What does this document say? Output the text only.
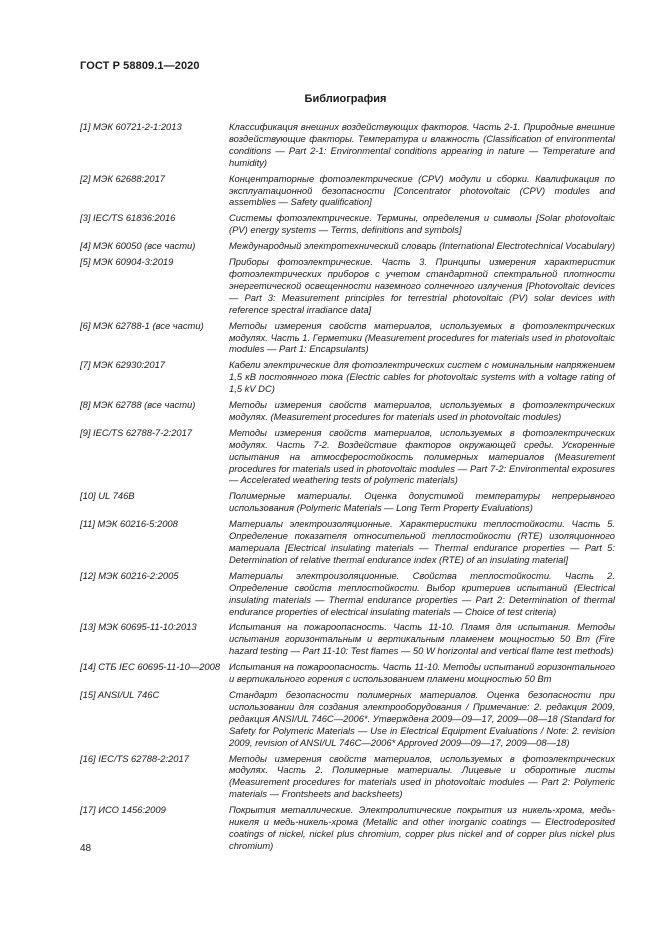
ГОСТ Р 58809.1—2020
Библиография
[1] МЭК 60721-2-1:2013	Классификация внешних воздействующих факторов. Часть 2-1. Природные внешние воздействующие факторы. Температура и влажность (Classification of environmental conditions — Part 2-1: Environmental conditions appearing in nature — Temperature and humidity)
[2] МЭК 62688:2017	Концентраторные фотоэлектрические (CPV) модули и сборки. Квалификация по эксплуатационной безопасности [Concentrator photovoltaic (CPV) modules and assemblies — Safety qualification]
[3] IEC/TS 61836:2016	Системы фотоэлектрические. Термины, определения и символы [Solar photovoltaic (PV) energy systems — Terms, definitions and symbols]
[4] МЭК 60050 (все части)	Международный электротехнический словарь (International Electrotechnical Vocabulary)
[5] МЭК 60904-3:2019	Приборы фотоэлектрические. Часть 3. Принципы измерения характеристик фотоэлектрических приборов с учетом стандартной спектральной плотности энергетической освещенности наземного солнечного излучения [Photovoltaic devices — Part 3: Measurement principles for terrestrial photovoltaic (PV) solar devices with reference spectral irradiance data]
[6] МЭК 62788-1 (все части)	Методы измерения свойств материалов, используемых в фотоэлектрических модулях. Часть 1. Герметики (Measurement procedures for materials used in photovoltaic modules — Part 1: Encapsulants)
[7] МЭК 62930:2017	Кабели электрические для фотоэлектрических систем с номинальным напряжением 1,5 кВ постоянного тока (Electric cables for photovoltaic systems with a voltage rating of 1,5 kV DC)
[8] МЭК 62788 (все части)	Методы измерения свойств материалов, используемых в фотоэлектрических модулях. (Measurement procedures for materials used in photovoltaic modules)
[9] IEC/TS 62788-7-2:2017	Методы измерения свойств материалов, используемых в фотоэлектрических модулях. Часть 7-2. Воздействие факторов окружающей среды. Ускоренные испытания на атмосферостойкость полимерных материалов (Measurement procedures for materials used in photovoltaic modules — Part 7-2: Environmental exposures — Accelerated weathering tests of polymeric materials)
[10] UL 746B	Полимерные материалы. Оценка допустимой температуры непрерывного использования (Polymeric Materials — Long Term Property Evaluations)
[11] МЭК 60216-5:2008	Материалы электроизоляционные. Характеристики теплостойкости. Часть 5. Определение показателя относительной теплостойкости (RTE) изоляционного материала [Electrical insulating materials — Thermal endurance properties — Part 5: Determination of relative thermal endurance index (RTE) of an insulating material]
[12] МЭК 60216-2:2005	Материалы электроизоляционные. Свойства теплостойкости. Часть 2. Определение свойств теплостойкости. Выбор критериев испытаний (Electrical insulating materials — Thermal endurance properties — Part 2: Determination of thermal endurance properties of electrical insulating materials — Choice of test criteria)
[13] МЭК 60695-11-10:2013	Испытания на пожароопасность. Часть 11-10. Пламя для испытания. Методы испытания горизонтальным и вертикальным пламенем мощностью 50 Вт (Fire hazard testing — Part 11-10: Test flames — 50 W horizontal and vertical flame test methods)
[14] СТБ IEC 60695-11-10—2008 Испытания на пожароопасность. Часть 11-10. Методы испытаний горизонтального и вертикального горения с использованием пламени мощностью 50 Вт
[15] ANSI/UL 746C	Стандарт безопасности полимерных материалов. Оценка безопасности при использовании для создания электрооборудования / Примечание: 2. редакция 2009, редакция ANSI/UL 746C—2006*. Утверждена 2009—09—17, 2009—08—18 (Standard for Safety for Polymeric Materials — Use in Electrical Equipment Evaluations / Note: 2. revision 2009, revision of ANSI/UL 746C—2006* Approved 2009—09—17, 2009—08—18)
[16] IEC/TS 62788-2:2017	Методы измерения свойств материалов, используемых в фотоэлектрических модулях. Часть 2. Полимерные материалы. Лицевые и оборотные листы (Measurement procedures for materials used in photovoltaic modules — Part 2: Polymeric materials — Frontsheets and backsheets)
[17] ИСО 1456:2009	Покрытия металлические. Электролитические покрытия из никель-хрома, медь-никеля и медь-никель-хрома (Metallic and other inorganic coatings — Electrodeposited coatings of nickel, nickel plus chromium, copper plus nickel and of copper plus nickel plus chromium)
48
